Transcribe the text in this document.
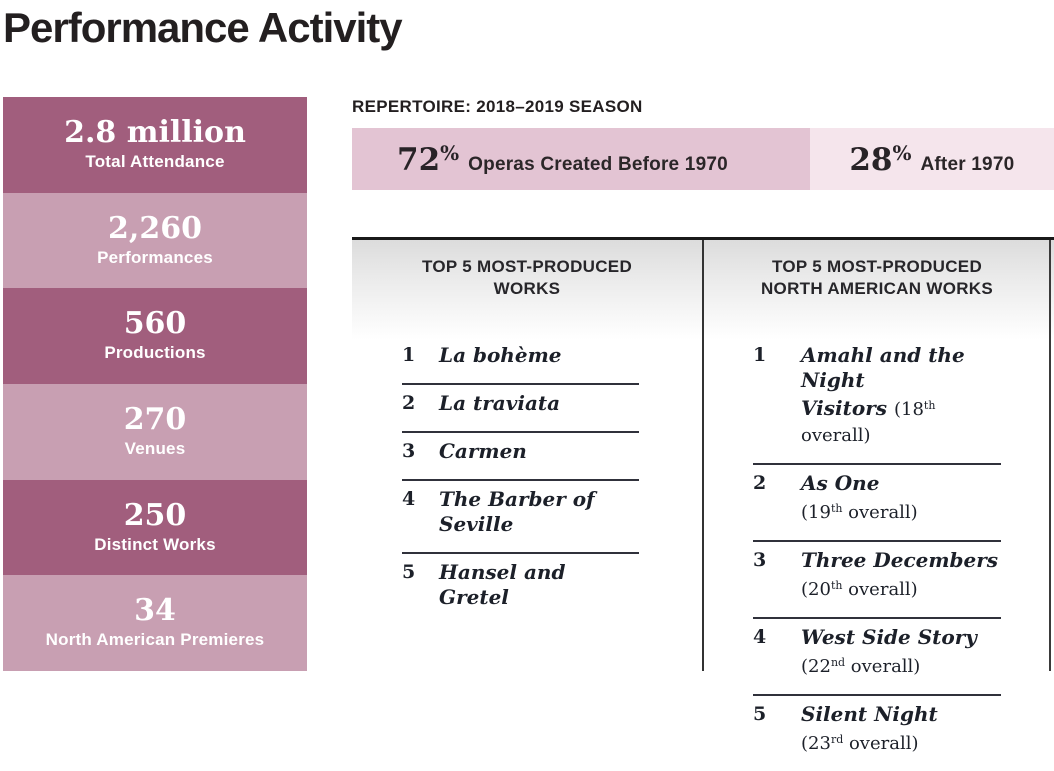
Performance Activity
2.8 million
Total Attendance
2,260
Performances
560
Productions
270
Venues
250
Distinct Works
34
North American Premieres
REPERTOIRE: 2018–2019 SEASON
72% Operas Created Before 1970	28% After 1970
TOP 5 MOST-PRODUCED
WORKS
1	La bohème
2	La traviata
3	Carmen
4	The Barber of Seville
5	Hansel and Gretel
TOP 5 MOST-PRODUCED
NORTH AMERICAN WORKS
1	Amahl and the Night
Visitors (18th overall)
2	As One
(19th overall)
3	Three Decembers
(20th overall)
4	West Side Story
(22nd overall)
5	Silent Night
(23rd overall)
